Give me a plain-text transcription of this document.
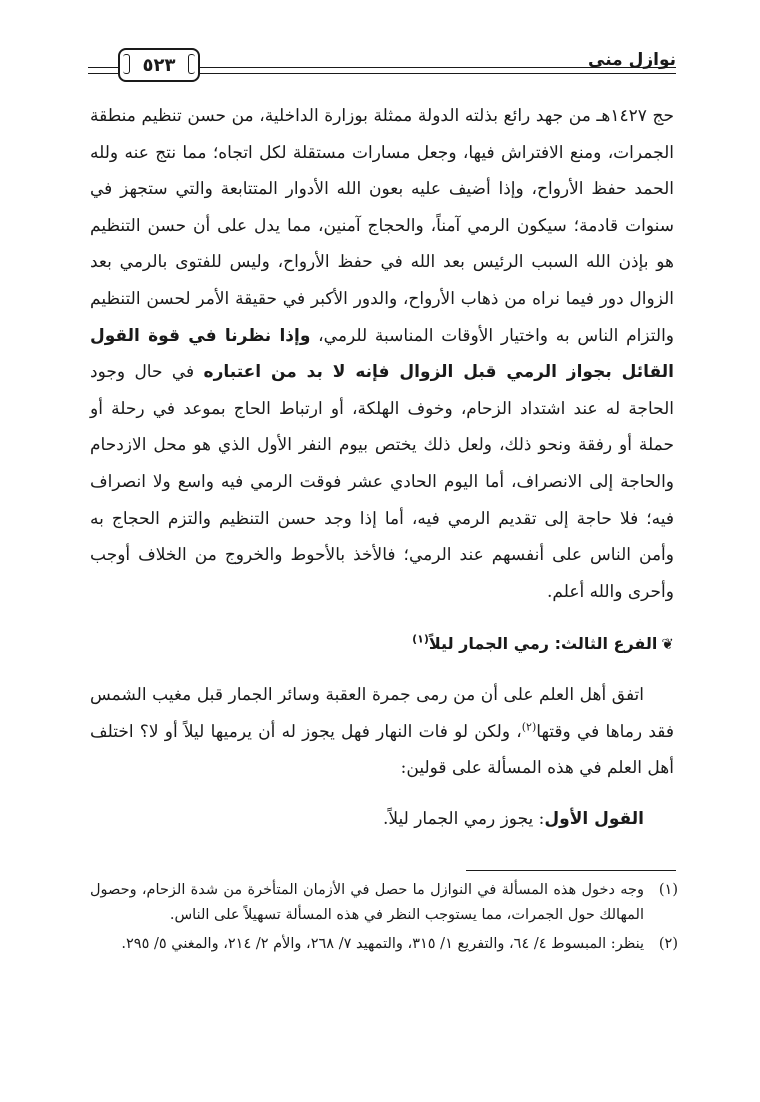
٥٢٣	نوازل منى

حج ١٤٢٧هـ من جهد رائع بذلته الدولة ممثلة بوزارة الداخلية، من حسن تنظيم منطقة الجمرات، ومنع الافتراش فيها، وجعل مسارات مستقلة لكل اتجاه؛ مما نتج عنه ولله الحمد حفظ الأرواح، وإذا أضيف عليه بعون الله الأدوار المتتابعة والتي ستجهز في سنوات قادمة؛ سيكون الرمي آمناً، والحجاج آمنين، مما يدل على أن حسن التنظيم هو بإذن الله السبب الرئيس بعد الله في حفظ الأرواح، وليس للفتوى بالرمي بعد الزوال دور فيما نراه من ذهاب الأرواح، والدور الأكبر في حقيقة الأمر لحسن التنظيم والتزام الناس به واختيار الأوقات المناسبة للرمي، وإذا نظرنا في قوة القول القائل بجواز الرمي قبل الزوال فإنه لا بد من اعتباره في حال وجود الحاجة له عند اشتداد الزحام، وخوف الهلكة، أو ارتباط الحاج بموعد في رحلة أو حملة أو رفقة ونحو ذلك، ولعل ذلك يختص بيوم النفر الأول الذي هو محل الازدحام والحاجة إلى الانصراف، أما اليوم الحادي عشر فوقت الرمي فيه واسع ولا انصراف فيه؛ فلا حاجة إلى تقديم الرمي فيه، أما إذا وجد حسن التنظيم والتزم الحجاج به وأمن الناس على أنفسهم عند الرمي؛ فالأخذ بالأحوط والخروج من الخلاف أوجب وأحرى والله أعلم.

❦الفرع الثالث: رمي الجمار ليلاً$^{(١)}$

اتفق أهل العلم على أن من رمى جمرة العقبة وسائر الجمار قبل مغيب الشمس فقد رماها في وقتها$^{(٢)}$، ولكن لو فات النهار فهل يجوز له أن يرميها ليلاً أو لا؟ اختلف أهل العلم في هذه المسألة على قولين:

القول الأول: يجوز رمي الجمار ليلاً.

(١)
وجه دخول هذه المسألة في النوازل ما حصل في الأزمان المتأخرة من شدة الزحام، وحصول المهالك حول الجمرات، مما يستوجب النظر في هذه المسألة تسهيلاً على الناس.
(٢)
ينظر: المبسوط ٤/ ٦٤، والتفريع ١/ ٣١٥، والتمهيد ٧/ ٢٦٨، والأم ٢/ ٢١٤، والمغني ٥/ ٢٩٥.
